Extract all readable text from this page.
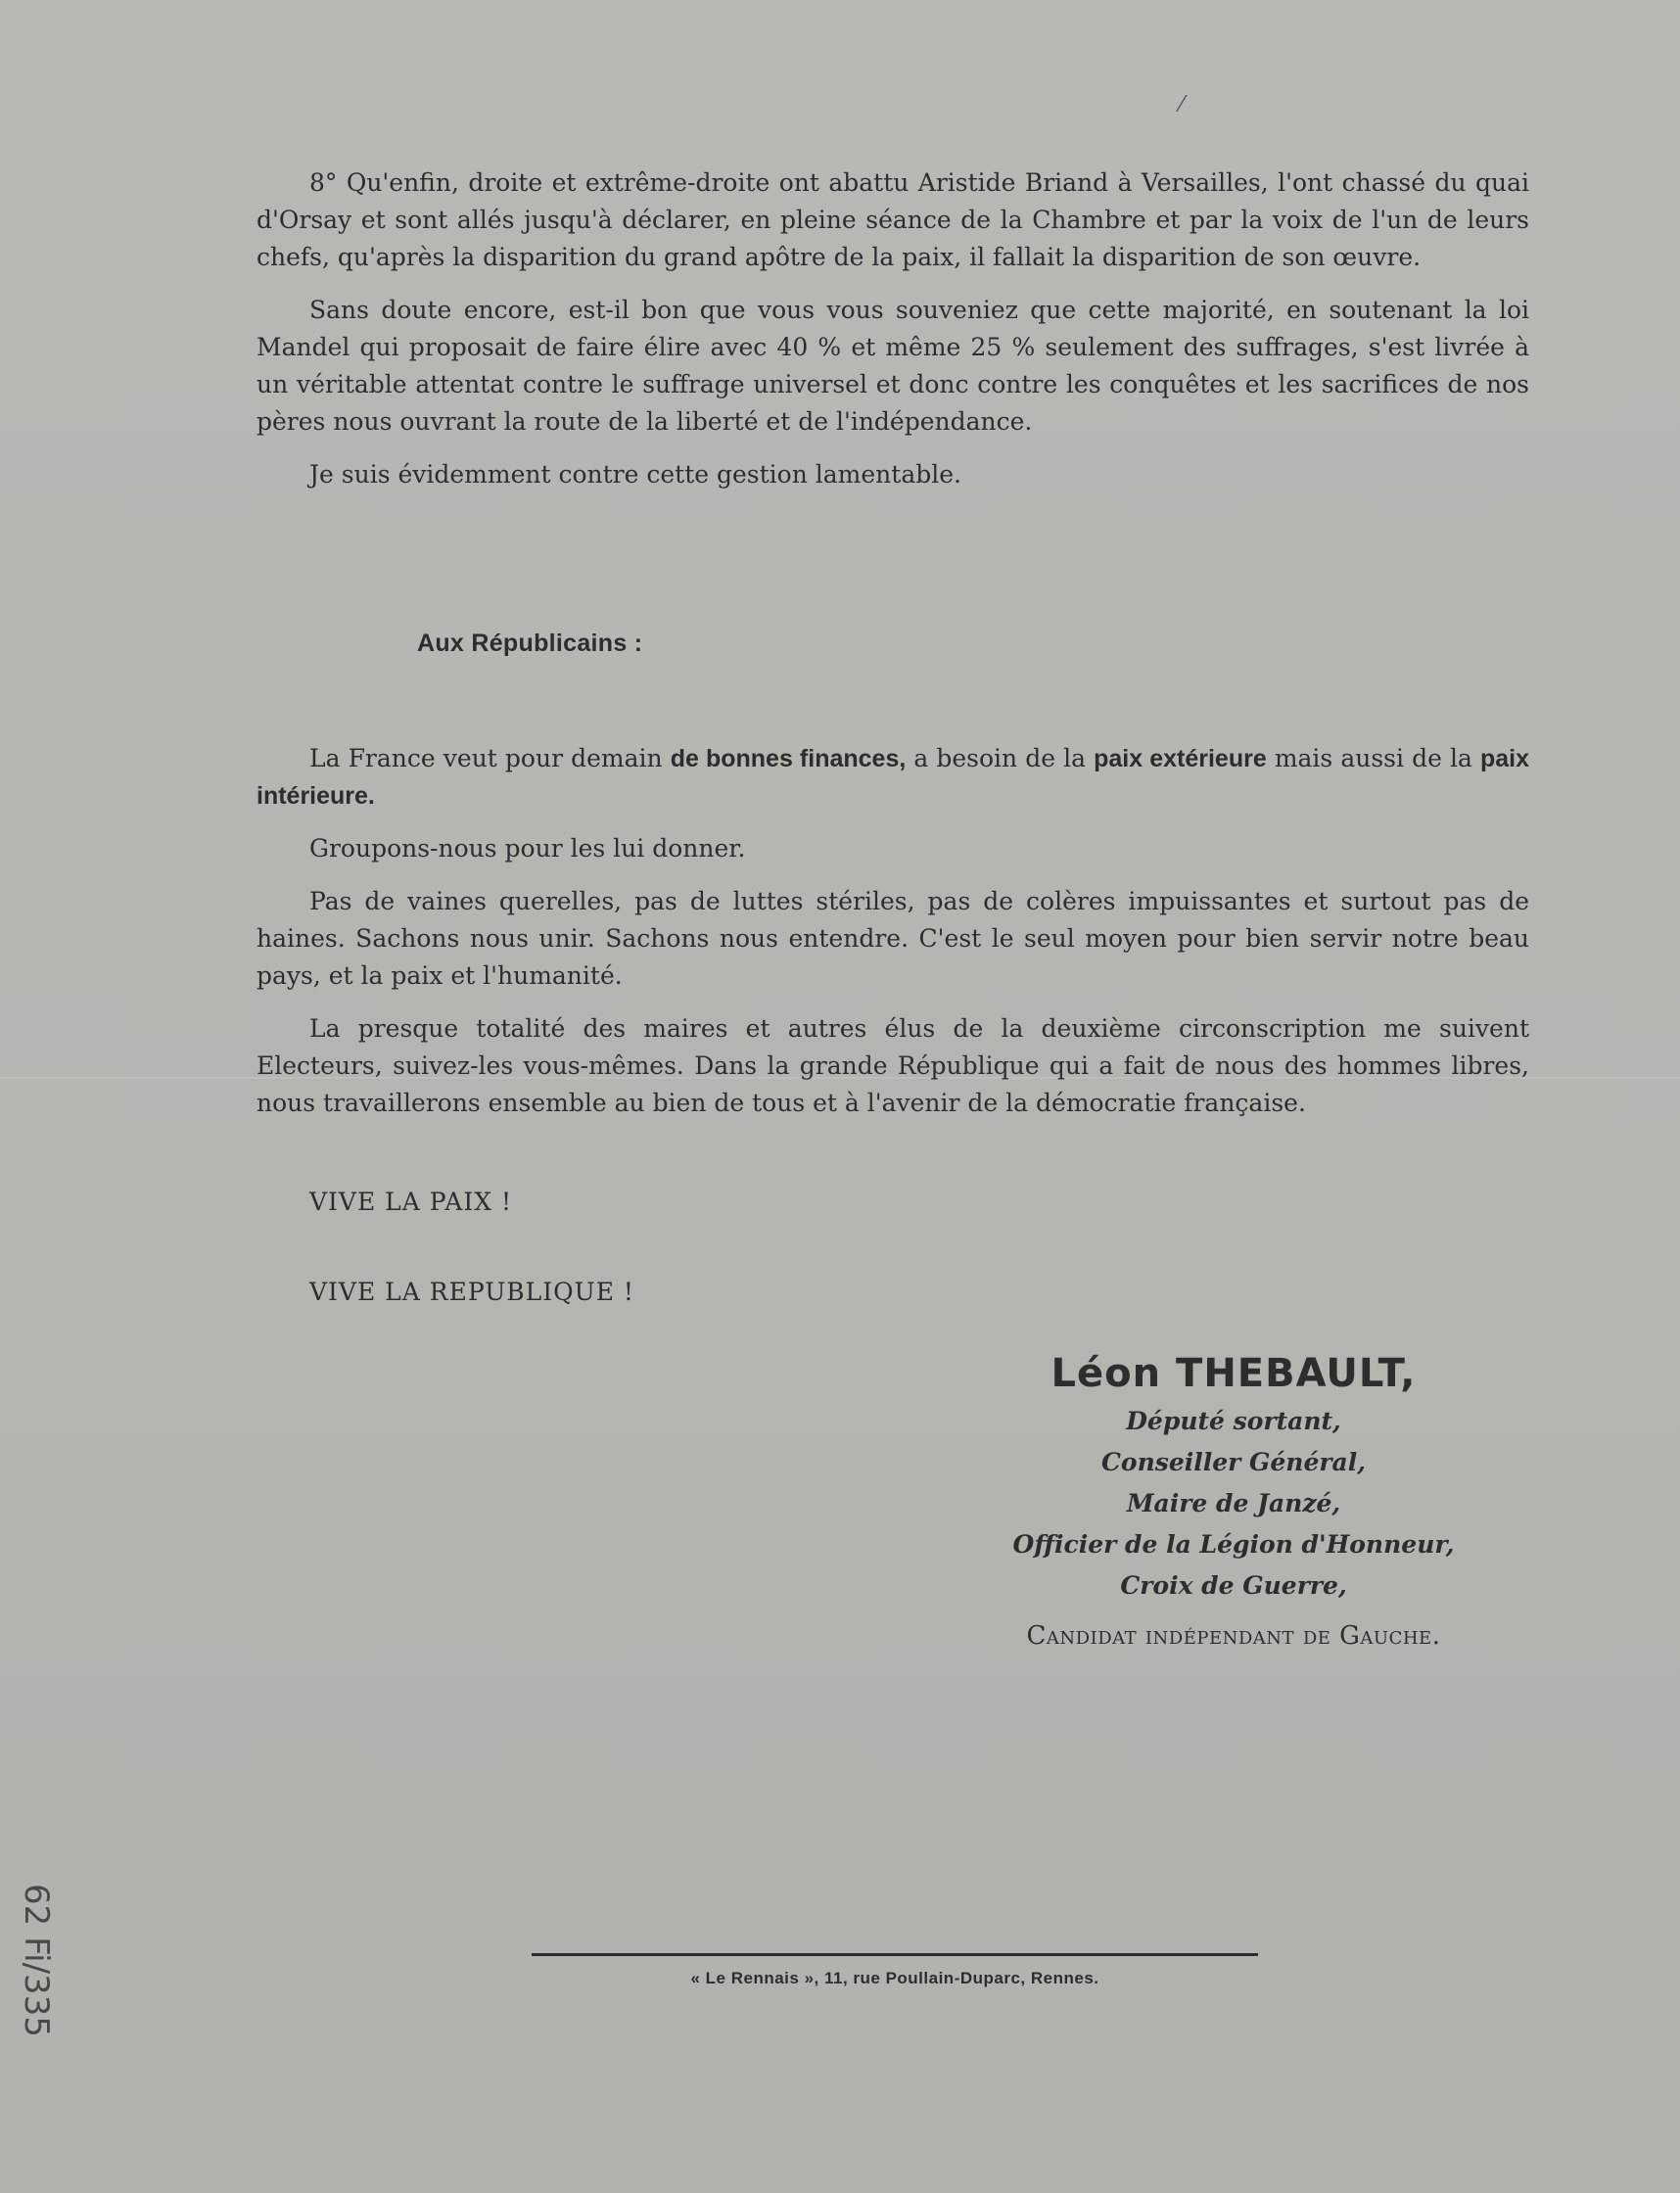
⁄

8° Qu'enfin, droite et extrême-droite ont abattu Aristide Briand à Versailles, l'ont chassé du quai d'Orsay et sont allés jusqu'à déclarer, en pleine séance de la Chambre et par la voix de l'un de leurs chefs, qu'après la disparition du grand apôtre de la paix, il fallait la disparition de son œuvre.

Sans doute encore, est-il bon que vous vous souveniez que cette majorité, en soutenant la loi Mandel qui proposait de faire élire avec 40 % et même 25 % seulement des suffrages, s'est livrée à un véritable attentat contre le suffrage universel et donc contre les conquêtes et les sacrifices de nos pères nous ouvrant la route de la liberté et de l'indépendance.

Je suis évidemment contre cette gestion lamentable.

Aux Républicains :

La France veut pour demain de bonnes finances, a besoin de la paix extérieure mais aussi de la paix intérieure.

Groupons-nous pour les lui donner.

Pas de vaines querelles, pas de luttes stériles, pas de colères impuissantes et surtout pas de haines. Sachons nous unir. Sachons nous entendre. C'est le seul moyen pour bien servir notre beau pays, et la paix et l'humanité.

La presque totalité des maires et autres élus de la deuxième circonscription me suivent Electeurs, suivez-les vous-mêmes. Dans la grande République qui a fait de nous des hommes libres, nous travaillerons ensemble au bien de tous et à l'avenir de la démocratie française.

VIVE LA PAIX !
VIVE LA REPUBLIQUE !
Léon THEBAULT,
Député sortant,
Conseiller Général,
Maire de Janzé,
Officier de la Légion d'Honneur,
Croix de Guerre,
Candidat indépendant de Gauche.
« Le Rennais », 11, rue Poullain-Duparc, Rennes.
62 Fi/335
